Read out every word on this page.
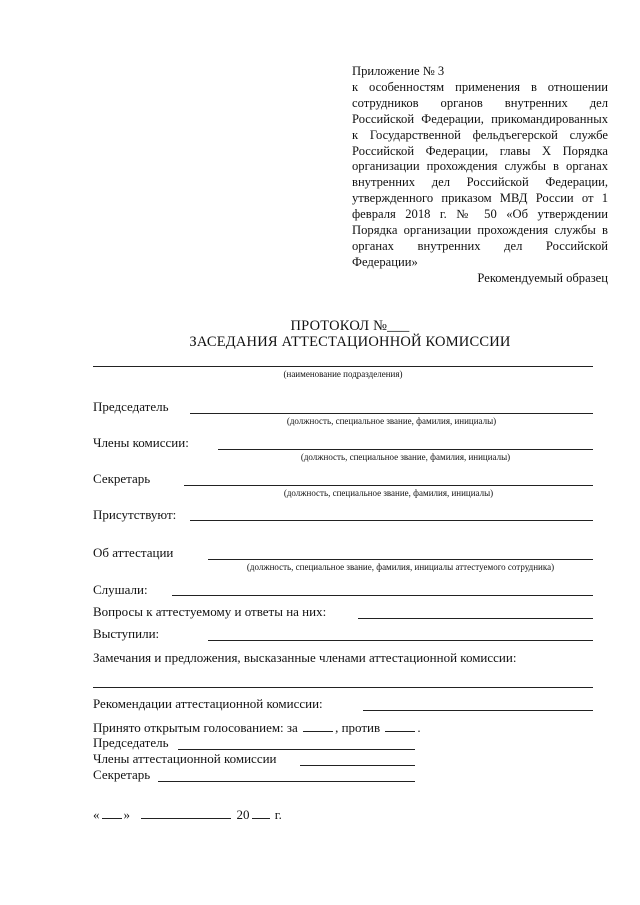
Приложение № 3
к особенностям применения в отношении сотрудников органов внутренних дел Российской Федерации, прикомандированных к Государственной фельдъегерской службе Российской Федерации, главы X Порядка организации прохождения службы в органах внутренних дел Российской Федерации, утвержденного приказом МВД России от 1 февраля 2018 г. № 50 «Об утверждении Порядка организации прохождения службы в органах внутренних дел Российской Федерации»
Рекомендуемый образец
ПРОТОКОЛ №___
ЗАСЕДАНИЯ АТТЕСТАЦИОННОЙ КОМИССИИ
(наименование подразделения)
Председатель
(должность, специальное звание, фамилия, инициалы)
Члены комиссии:
(должность, специальное звание, фамилия, инициалы)
Секретарь
(должность, специальное звание, фамилия, инициалы)
Присутствуют:
Об аттестации
(должность, специальное звание, фамилия, инициалы аттестуемого сотрудника)
Слушали:
Вопросы к аттестуемому и ответы на них:
Выступили:
Замечания и предложения, высказанные членами аттестационной комиссии:
Рекомендации аттестационной комиссии:
Принято открытым голосованием: за	, против	.
Председатель
Члены аттестационной комиссии
Секретарь
« »	20 г.
